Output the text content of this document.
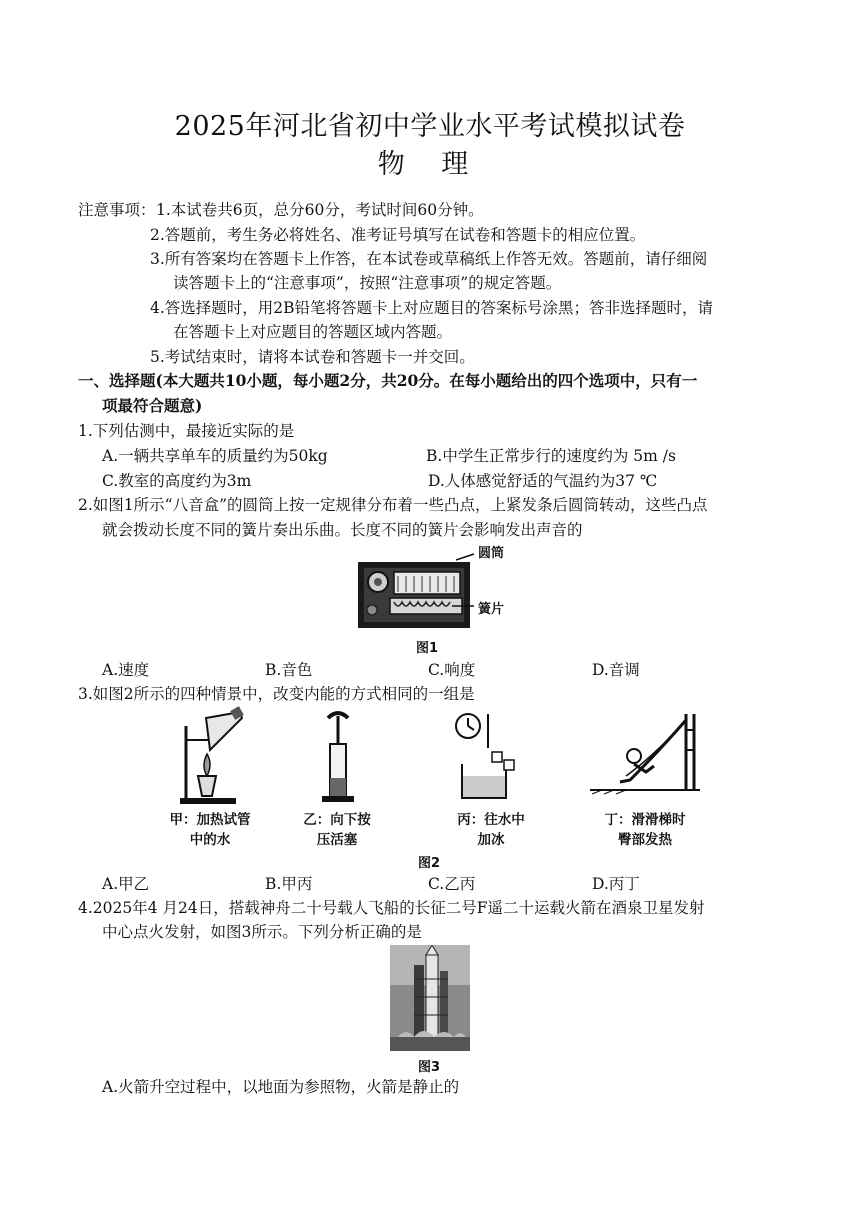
2025年河北省初中学业水平考试模拟试卷
物 理
注意事项： 1.本试卷共6页，总分60分，考试时间60分钟。
2.答题前，考生务必将姓名、准考证号填写在试卷和答题卡的相应位置。
3.所有答案均在答题卡上作答，在本试卷或草稿纸上作答无效。答题前，请仔细阅
读答题卡上的“注意事项”，按照“注意事项”的规定答题。
4.答选择题时，用2B铅笔将答题卡上对应题目的答案标号涂黑；答非选择题时，请
在答题卡上对应题目的答题区域内答题。
5.考试结束时，请将本试卷和答题卡一并交回。
一、选择题(本大题共10小题，每小题2分，共20分。在每小题给出的四个选项中，只有一
项最符合题意)
1.下列估测中，最接近实际的是
A.一辆共享单车的质量约为50kg	B.中学生正常步行的速度约为 5m /s
C.教室的高度约为3m	D.人体感觉舒适的气温约为37 ℃
2.如图1所示“八音盒”的圆筒上按一定规律分布着一些凸点，上紧发条后圆筒转动，这些凸点
就会拨动长度不同的簧片奏出乐曲。长度不同的簧片会影响发出声音的
圆筒
簧片
图1
A.速度	B.音色	C.响度	D.音调
3.如图2所示的四种情景中，改变内能的方式相同的一组是
甲：加热试管
中的水
乙：向下按
压活塞
丙：往水中
加冰
丁：滑滑梯时
臀部发热
图2
A.甲乙	B.甲丙	C.乙丙	D.丙丁
4.2025年4 月24日，搭载神舟二十号载人飞船的长征二号F遥二十运载火箭在酒泉卫星发射
中心点火发射，如图3所示。下列分析正确的是
图3
A.火箭升空过程中，以地面为参照物，火箭是静止的
